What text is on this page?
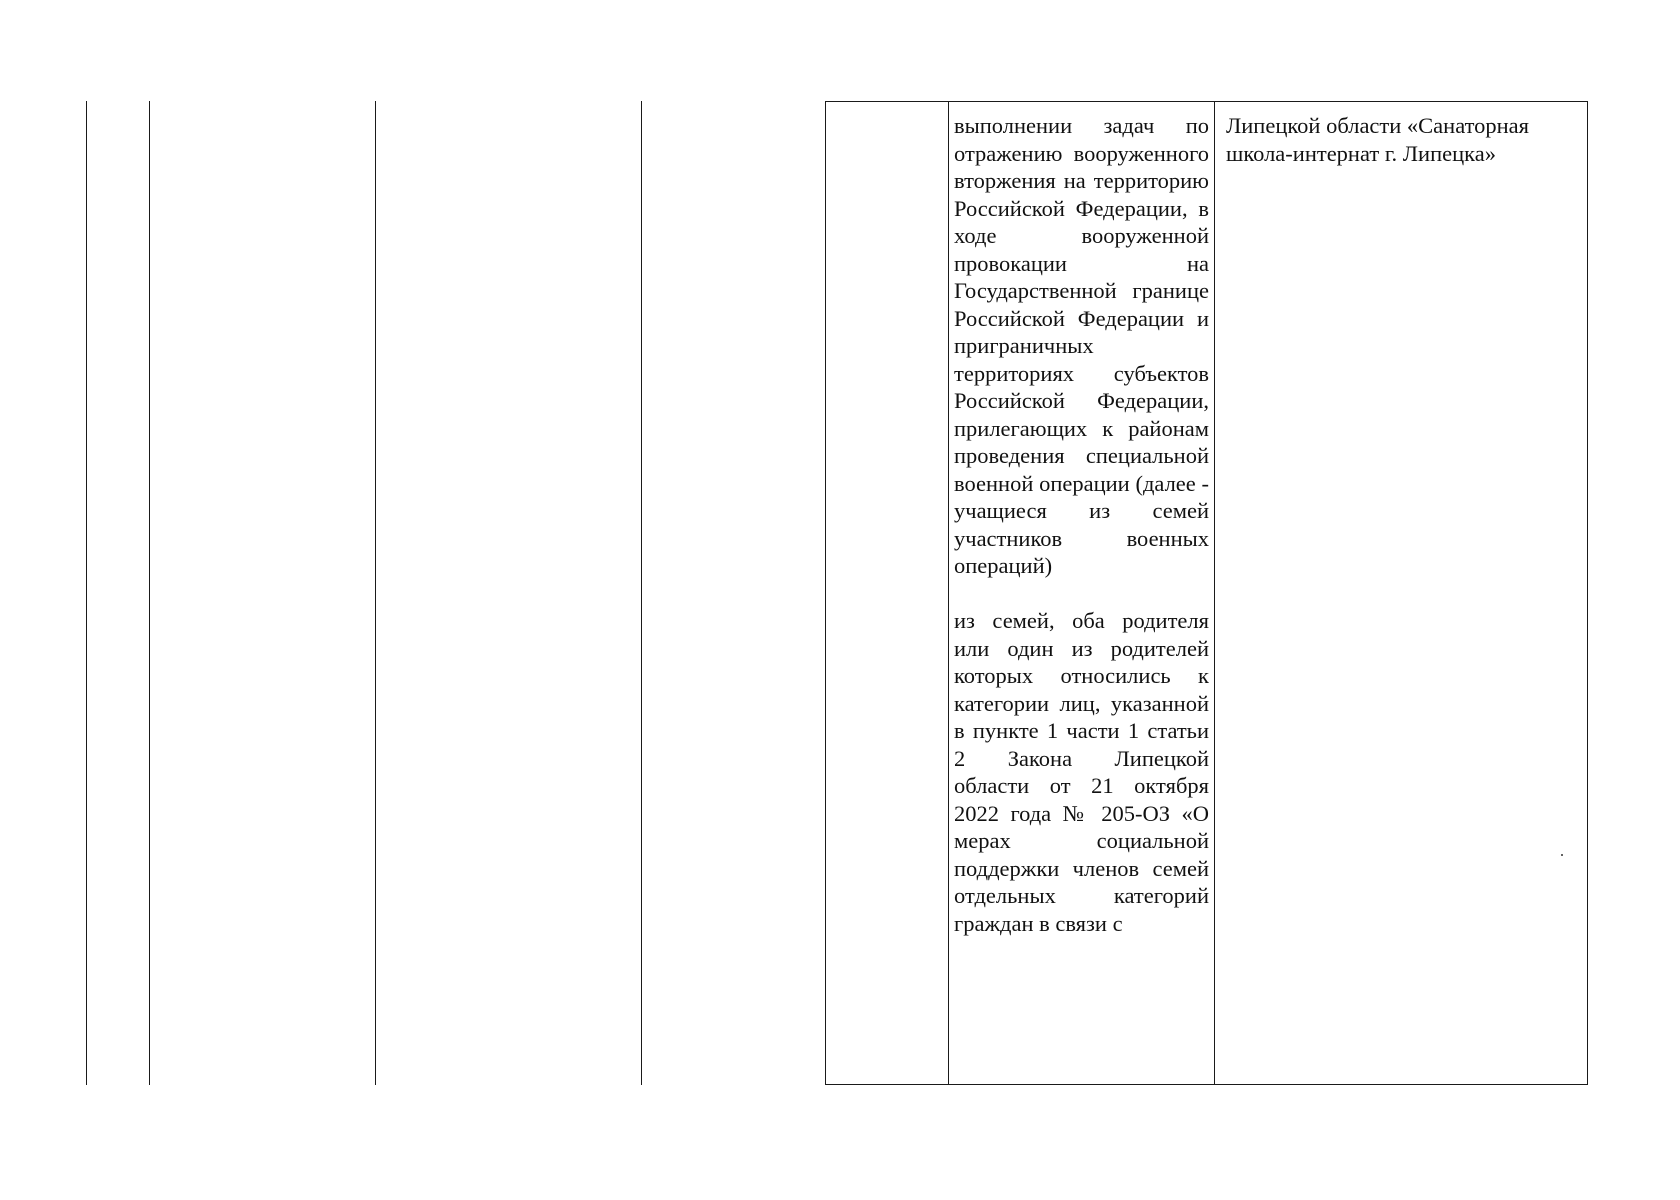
выполнении задач по отражению вооруженного вторжения на территорию Российской Федерации, в ходе вооруженной провокации на Государственной границе Российской Федерации и приграничных территориях субъектов Российской Федерации, прилегающих к районам проведения специальной военной операции (далее - учащиеся из семей участников военных операций)

из семей, оба родителя или один из родителей которых относились к категории лиц, указанной в пункте 1 части 1 статьи 2 Закона Липецкой области от 21 октября 2022 года № 205-ОЗ «О мерах социальной поддержки членов семей отдельных категорий граждан в связи с

Липецкой области «Санаторная школа-интернат г. Липецка»
